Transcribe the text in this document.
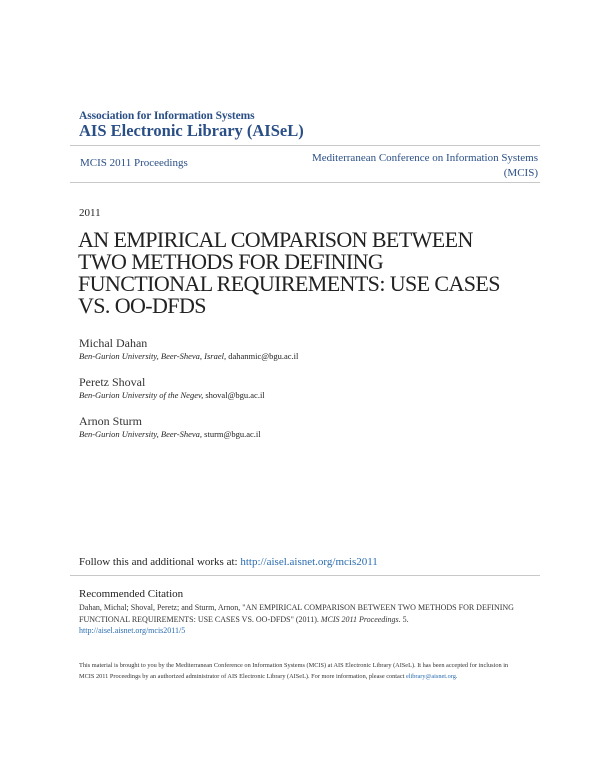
Association for Information Systems
AIS Electronic Library (AISeL)
MCIS 2011 Proceedings	Mediterranean Conference on Information Systems
(MCIS)
2011
AN EMPIRICAL COMPARISON BETWEEN TWO METHODS FOR DEFINING FUNCTIONAL REQUIREMENTS: USE CASES VS. OO-DFDS
Michal Dahan
Ben-Gurion University, Beer-Sheva, Israel, dahanmic@bgu.ac.il
Peretz Shoval
Ben-Gurion University of the Negev, shoval@bgu.ac.il
Arnon Sturm
Ben-Gurion University, Beer-Sheva, sturm@bgu.ac.il
Follow this and additional works at: http://aisel.aisnet.org/mcis2011
Recommended Citation
Dahan, Michal; Shoval, Peretz; and Sturm, Arnon, "AN EMPIRICAL COMPARISON BETWEEN TWO METHODS FOR DEFINING FUNCTIONAL REQUIREMENTS: USE CASES VS. OO-DFDS" (2011). MCIS 2011 Proceedings. 5.
http://aisel.aisnet.org/mcis2011/5
This material is brought to you by the Mediterranean Conference on Information Systems (MCIS) at AIS Electronic Library (AISeL). It has been accepted for inclusion in MCIS 2011 Proceedings by an authorized administrator of AIS Electronic Library (AISeL). For more information, please contact elibrary@aisnet.org.
